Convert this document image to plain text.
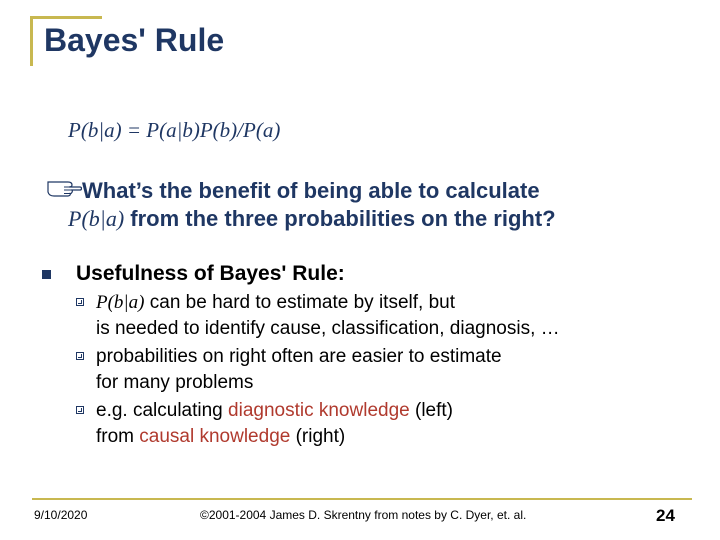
Bayes' Rule
P(b|a) = P(a|b)P(b)/P(a)
What’s the benefit of being able to calculate
P(b|a) from the three probabilities on the right?
Usefulness of Bayes' Rule:
P(b|a) can be hard to estimate by itself, but
is needed to identify cause, classification, diagnosis, …
probabilities on right often are easier to estimate
for many problems
e.g. calculating diagnostic knowledge (left)
from causal knowledge (right)
9/10/2020	©2001-2004 James D. Skrentny from notes by C. Dyer, et. al.	24
